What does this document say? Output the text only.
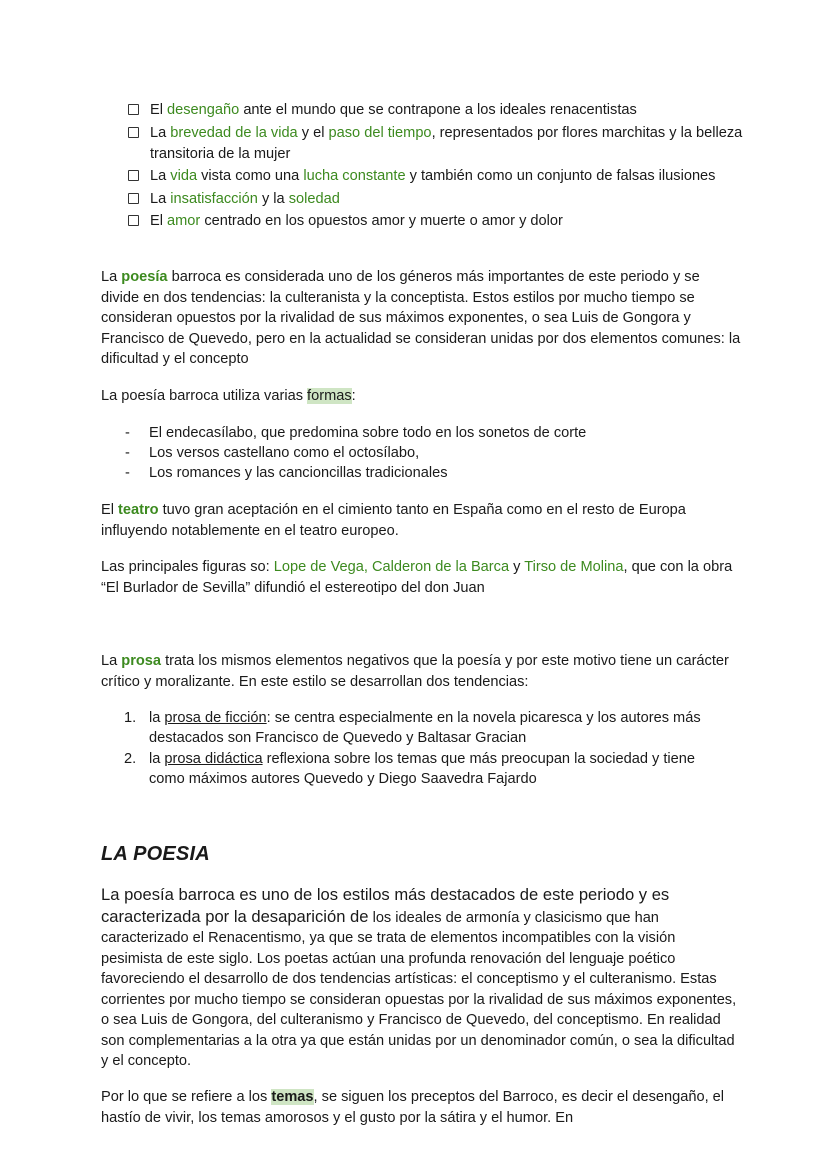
El desengaño ante el mundo que se contrapone a los ideales renacentistas
La brevedad de la vida y el paso del tiempo, representados por flores marchitas y la belleza transitoria de la mujer
La vida vista como una lucha constante y también como un conjunto de falsas ilusiones
La insatisfacción y la soledad
El amor centrado en los opuestos amor y muerte o amor y dolor

La poesía barroca es considerada uno de los géneros más importantes de este periodo y se divide en dos tendencias: la culteranista y la conceptista. Estos estilos por mucho tiempo se consideran opuestos por la rivalidad de sus máximos exponentes, o sea Luis de Gongora y Francisco de Quevedo, pero en la actualidad se consideran unidas por dos elementos comunes: la dificultad y el concepto

La poesía barroca utiliza varias formas:

- El endecasílabo, que predomina sobre todo en los sonetos de corte
- Los versos castellano como el octosílabo,
- Los romances y las cancioncillas tradicionales

El teatro tuvo gran aceptación en el cimiento tanto en España como en el resto de Europa influyendo notablemente en el teatro europeo.

Las principales figuras so: Lope de Vega, Calderon de la Barca y Tirso de Molina, que con la obra “El Burlador de Sevilla” difundió el estereotipo del don Juan

La prosa trata los mismos elementos negativos que la poesía y por este motivo tiene un carácter crítico y moralizante. En este estilo se desarrollan dos tendencias:

1. la prosa de ficción: se centra especialmente en la novela picaresca y los autores más destacados son Francisco de Quevedo y Baltasar Gracian
2. la prosa didáctica reflexiona sobre los temas que más preocupan la sociedad y tiene como máximos autores Quevedo y Diego Saavedra Fajardo
LA POESIA

La poesía barroca es uno de los estilos más destacados de este periodo y es caracterizada por la desaparición de los ideales de armonía y clasicismo que han caracterizado el Renacentismo, ya que se trata de elementos incompatibles con la visión pesimista de este siglo. Los poetas actúan una profunda renovación del lenguaje poético favoreciendo el desarrollo de dos tendencias artísticas: el conceptismo y el culteranismo. Estas corrientes por mucho tiempo se consideran opuestas por la rivalidad de sus máximos exponentes, o sea Luis de Gongora, del culteranismo y Francisco de Quevedo, del conceptismo. En realidad son complementarias a la otra ya que están unidas por un denominador común, o sea la dificultad y el concepto.

Por lo que se refiere a los temas, se siguen los preceptos del Barroco, es decir el desengaño, el hastío de vivir, los temas amorosos y el gusto por la sátira y el humor. En
